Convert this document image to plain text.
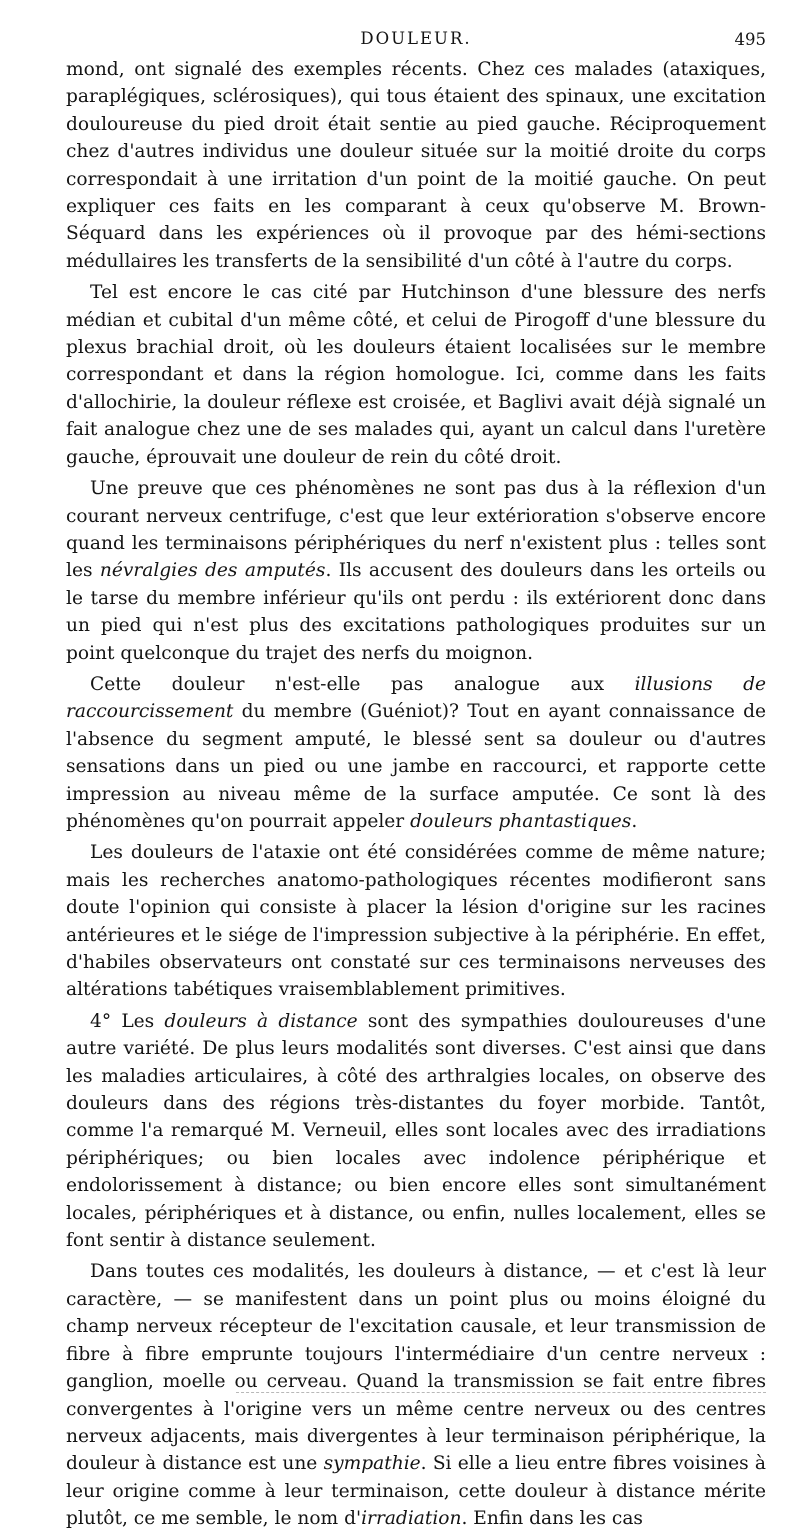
DOULEUR.	495

mond, ont signalé des exemples récents. Chez ces malades (ataxiques, paraplégiques, sclérosiques), qui tous étaient des spinaux, une excitation douloureuse du pied droit était sentie au pied gauche. Réciproquement chez d'autres individus une douleur située sur la moitié droite du corps correspondait à une irritation d'un point de la moitié gauche. On peut expliquer ces faits en les comparant à ceux qu'observe M. Brown-Séquard dans les expériences où il provoque par des hémi-sections médullaires les transferts de la sensibilité d'un côté à l'autre du corps.

Tel est encore le cas cité par Hutchinson d'une blessure des nerfs médian et cubital d'un même côté, et celui de Pirogoff d'une blessure du plexus brachial droit, où les douleurs étaient localisées sur le membre correspondant et dans la région homologue. Ici, comme dans les faits d'allochirie, la douleur réflexe est croisée, et Baglivi avait déjà signalé un fait analogue chez une de ses malades qui, ayant un calcul dans l'uretère gauche, éprouvait une douleur de rein du côté droit.

Une preuve que ces phénomènes ne sont pas dus à la réflexion d'un courant nerveux centrifuge, c'est que leur extérioration s'observe encore quand les terminaisons périphériques du nerf n'existent plus : telles sont les névralgies des amputés. Ils accusent des douleurs dans les orteils ou le tarse du membre inférieur qu'ils ont perdu : ils extériorent donc dans un pied qui n'est plus des excitations pathologiques produites sur un point quelconque du trajet des nerfs du moignon.

Cette douleur n'est-elle pas analogue aux illusions de raccourcissement du membre (Guéniot)? Tout en ayant connaissance de l'absence du segment amputé, le blessé sent sa douleur ou d'autres sensations dans un pied ou une jambe en raccourci, et rapporte cette impression au niveau même de la surface amputée. Ce sont là des phénomènes qu'on pourrait appeler douleurs phantastiques.

Les douleurs de l'ataxie ont été considérées comme de même nature; mais les recherches anatomo-pathologiques récentes modifieront sans doute l'opinion qui consiste à placer la lésion d'origine sur les racines antérieures et le siége de l'impression subjective à la périphérie. En effet, d'habiles observateurs ont constaté sur ces terminaisons nerveuses des altérations tabétiques vraisemblablement primitives.

4° Les douleurs à distance sont des sympathies douloureuses d'une autre variété. De plus leurs modalités sont diverses. C'est ainsi que dans les maladies articulaires, à côté des arthralgies locales, on observe des douleurs dans des régions très-distantes du foyer morbide. Tantôt, comme l'a remarqué M. Verneuil, elles sont locales avec des irradiations périphériques; ou bien locales avec indolence périphérique et endolorissement à distance; ou bien encore elles sont simultanément locales, périphériques et à distance, ou enfin, nulles localement, elles se font sentir à distance seulement.

Dans toutes ces modalités, les douleurs à distance, — et c'est là leur caractère, — se manifestent dans un point plus ou moins éloigné du champ nerveux récepteur de l'excitation causale, et leur transmission de fibre à fibre emprunte toujours l'intermédiaire d'un centre nerveux : ganglion, moelle ou cerveau. Quand la transmission se fait entre fibres convergentes à l'origine vers un même centre nerveux ou des centres nerveux adjacents, mais divergentes à leur terminaison périphérique, la douleur à distance est une sympathie. Si elle a lieu entre fibres voisines à leur origine comme à leur terminaison, cette douleur à distance mérite plutôt, ce me semble, le nom d'irradiation. Enfin dans les cas
